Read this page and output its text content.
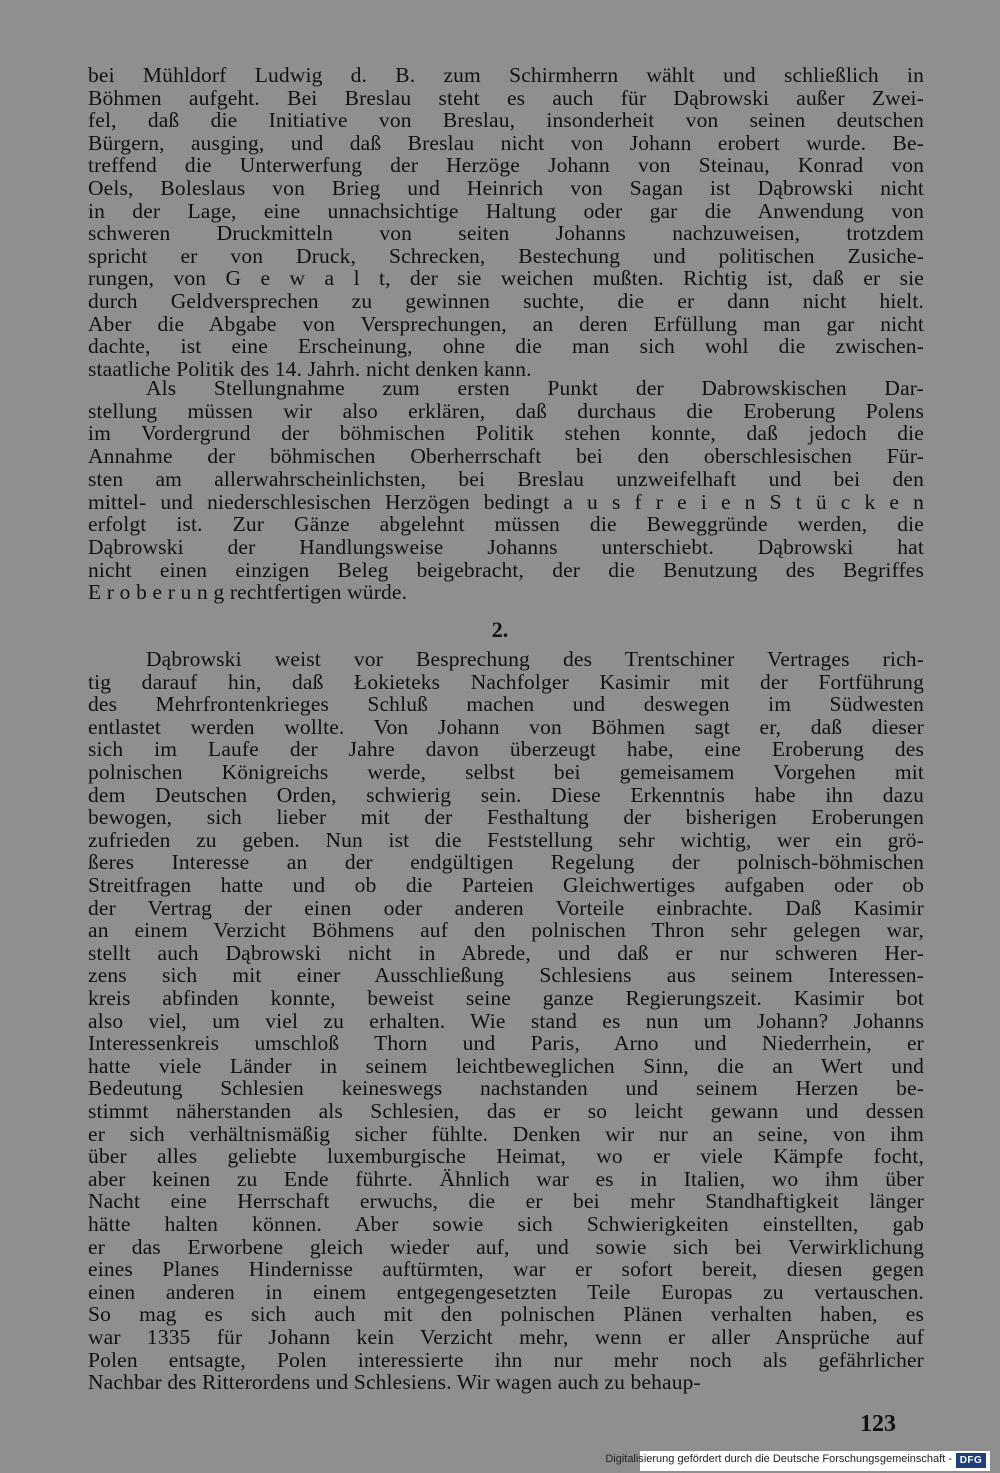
bei Mühldorf Ludwig d. B. zum Schirmherrn wählt und schließlich in
Böhmen aufgeht. Bei Breslau steht es auch für Dąbrowski außer Zwei-
fel, daß die Initiative von Breslau, insonderheit von seinen deutschen
Bürgern, ausging, und daß Breslau nicht von Johann erobert wurde. Be-
treffend die Unterwerfung der Herzöge Johann von Steinau, Konrad von
Oels, Boleslaus von Brieg und Heinrich von Sagan ist Dąbrowski nicht
in der Lage, eine unnachsichtige Haltung oder gar die Anwendung von
schweren Druckmitteln von seiten Johanns nachzuweisen, trotzdem
spricht er von Druck, Schrecken, Bestechung und politischen Zusiche-
rungen, von G e w a l t, der sie weichen mußten. Richtig ist, daß er sie
durch Geldversprechen zu gewinnen suchte, die er dann nicht hielt.
Aber die Abgabe von Versprechungen, an deren Erfüllung man gar nicht
dachte, ist eine Erscheinung, ohne die man sich wohl die zwischen-
staatliche Politik des 14. Jahrh. nicht denken kann.
Als Stellungnahme zum ersten Punkt der Dabrowskischen Dar-
stellung müssen wir also erklären, daß durchaus die Eroberung Polens
im Vordergrund der böhmischen Politik stehen konnte, daß jedoch die
Annahme der böhmischen Oberherrschaft bei den oberschlesischen Für-
sten am allerwahrscheinlichsten, bei Breslau unzweifelhaft und bei den
mittel- und niederschlesischen Herzögen bedingt a u s f r e i e n S t ü c k e n
erfolgt ist. Zur Gänze abgelehnt müssen die Beweggründe werden, die
Dąbrowski der Handlungsweise Johanns unterschiebt. Dąbrowski hat
nicht einen einzigen Beleg beigebracht, der die Benutzung des Begriffes
E r o b e r u n g rechtfertigen würde.
2.
Dąbrowski weist vor Besprechung des Trentschiner Vertrages rich-
tig darauf hin, daß Łokieteks Nachfolger Kasimir mit der Fortführung
des Mehrfrontenkrieges Schluß machen und deswegen im Südwesten
entlastet werden wollte. Von Johann von Böhmen sagt er, daß dieser
sich im Laufe der Jahre davon überzeugt habe, eine Eroberung des
polnischen Königreichs werde, selbst bei gemeisamem Vorgehen mit
dem Deutschen Orden, schwierig sein. Diese Erkenntnis habe ihn dazu
bewogen, sich lieber mit der Festhaltung der bisherigen Eroberungen
zufrieden zu geben. Nun ist die Feststellung sehr wichtig, wer ein grö-
ßeres Interesse an der endgültigen Regelung der polnisch-böhmischen
Streitfragen hatte und ob die Parteien Gleichwertiges aufgaben oder ob
der Vertrag der einen oder anderen Vorteile einbrachte. Daß Kasimir
an einem Verzicht Böhmens auf den polnischen Thron sehr gelegen war,
stellt auch Dąbrowski nicht in Abrede, und daß er nur schweren Her-
zens sich mit einer Ausschließung Schlesiens aus seinem Interessen-
kreis abfinden konnte, beweist seine ganze Regierungszeit. Kasimir bot
also viel, um viel zu erhalten. Wie stand es nun um Johann? Johanns
Interessenkreis umschloß Thorn und Paris, Arno und Niederrhein, er
hatte viele Länder in seinem leichtbeweglichen Sinn, die an Wert und
Bedeutung Schlesien keineswegs nachstanden und seinem Herzen be-
stimmt näherstanden als Schlesien, das er so leicht gewann und dessen
er sich verhältnismäßig sicher fühlte. Denken wir nur an seine, von ihm
über alles geliebte luxemburgische Heimat, wo er viele Kämpfe focht,
aber keinen zu Ende führte. Ähnlich war es in Italien, wo ihm über
Nacht eine Herrschaft erwuchs, die er bei mehr Standhaftigkeit länger
hätte halten können. Aber sowie sich Schwierigkeiten einstellten, gab
er das Erworbene gleich wieder auf, und sowie sich bei Verwirklichung
eines Planes Hindernisse auftürmten, war er sofort bereit, diesen gegen
einen anderen in einem entgegengesetzten Teile Europas zu vertauschen.
So mag es sich auch mit den polnischen Plänen verhalten haben, es
war 1335 für Johann kein Verzicht mehr, wenn er aller Ansprüche auf
Polen entsagte, Polen interessierte ihn nur mehr noch als gefährlicher
Nachbar des Ritterordens und Schlesiens. Wir wagen auch zu behaup-
123
Digitalisierung gefördert durch die Deutsche Forschungsgemeinschaft - DFG
